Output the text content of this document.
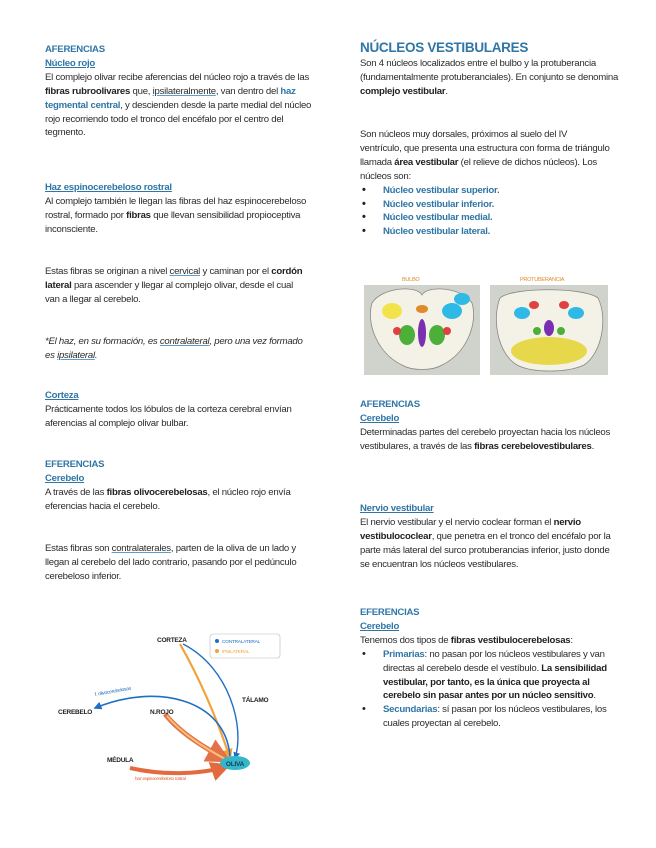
AFERENCIAS

Núcleo rojo

El complejo olivar recibe aferencias del núcleo rojo a través de las fibras rubroolivares que, ipsilateralmente, van dentro del haz tegmental central, y descienden desde la parte medial del núcleo rojo recorriendo todo el tronco del encéfalo por el centro del tegmento.

Haz espinocerebeloso rostral

Al complejo también le llegan las fibras del haz espinocerebeloso rostral, formado por fibras que llevan sensibilidad propioceptiva inconsciente.

Estas fibras se originan a nivel cervical y caminan por el cordón lateral para ascender y llegar al complejo olivar, desde el cual van a llegar al cerebelo.

*El haz, en su formación, es contralateral, pero una vez formado es ipsilateral.

Corteza

Prácticamente todos los lóbulos de la corteza cerebral envían aferencias al complejo olivar bulbar.

EFERENCIAS

Cerebelo

A través de las fibras olivocerebelosas, el núcleo rojo envía eferencias hacia el cerebelo.

Estas fibras son contralaterales, parten de la oliva de un lado y llegan al cerebelo del lado contrario, pasando por el pedúnculo cerebeloso inferior.

OLIVA
CORTEZA
CEREBELO	N.ROJO
TÁLAMO
MÉDULA
f. olivocerebelosas
haz espinocerebeloso rostral
CONTRALATERAL
IPSILATERAL

NÚCLEOS VESTIBULARES

Son 4 núcleos localizados entre el bulbo y la protuberancia (fundamentalmente protuberanciales). En conjunto se denomina complejo vestibular.

Son núcleos muy dorsales, próximos al suelo del IV ventrículo, que presenta una estructura con forma de triángulo llamada área vestibular (el relieve de dichos núcleos). Los núcleos son:

• Núcleo vestibular superior.
• Núcleo vestibular inferior.
• Núcleo vestibular medial.
• Núcleo vestibular lateral.
BULBO	PROTUBERANCIA

AFERENCIAS

Cerebelo

Determinadas partes del cerebelo proyectan hacia los núcleos vestibulares, a través de las fibras cerebelovestibulares.

Nervio vestibular

El nervio vestibular y el nervio coclear forman el nervio vestibulococlear, que penetra en el tronco del encéfalo por la parte más lateral del surco protuberancias inferior, justo donde se encuentran los núcleos vestibulares.

EFERENCIAS

Cerebelo

Tenemos dos tipos de fibras vestibulocerebelosas:

• Primarias: no pasan por los núcleos vestibulares y van directas al cerebelo desde el vestíbulo. La sensibilidad vestibular, por tanto, es la única que proyecta al cerebelo sin pasar antes por un núcleo sensitivo.
• Secundarias: sí pasan por los núcleos vestibulares, los cuales proyectan al cerebelo.
